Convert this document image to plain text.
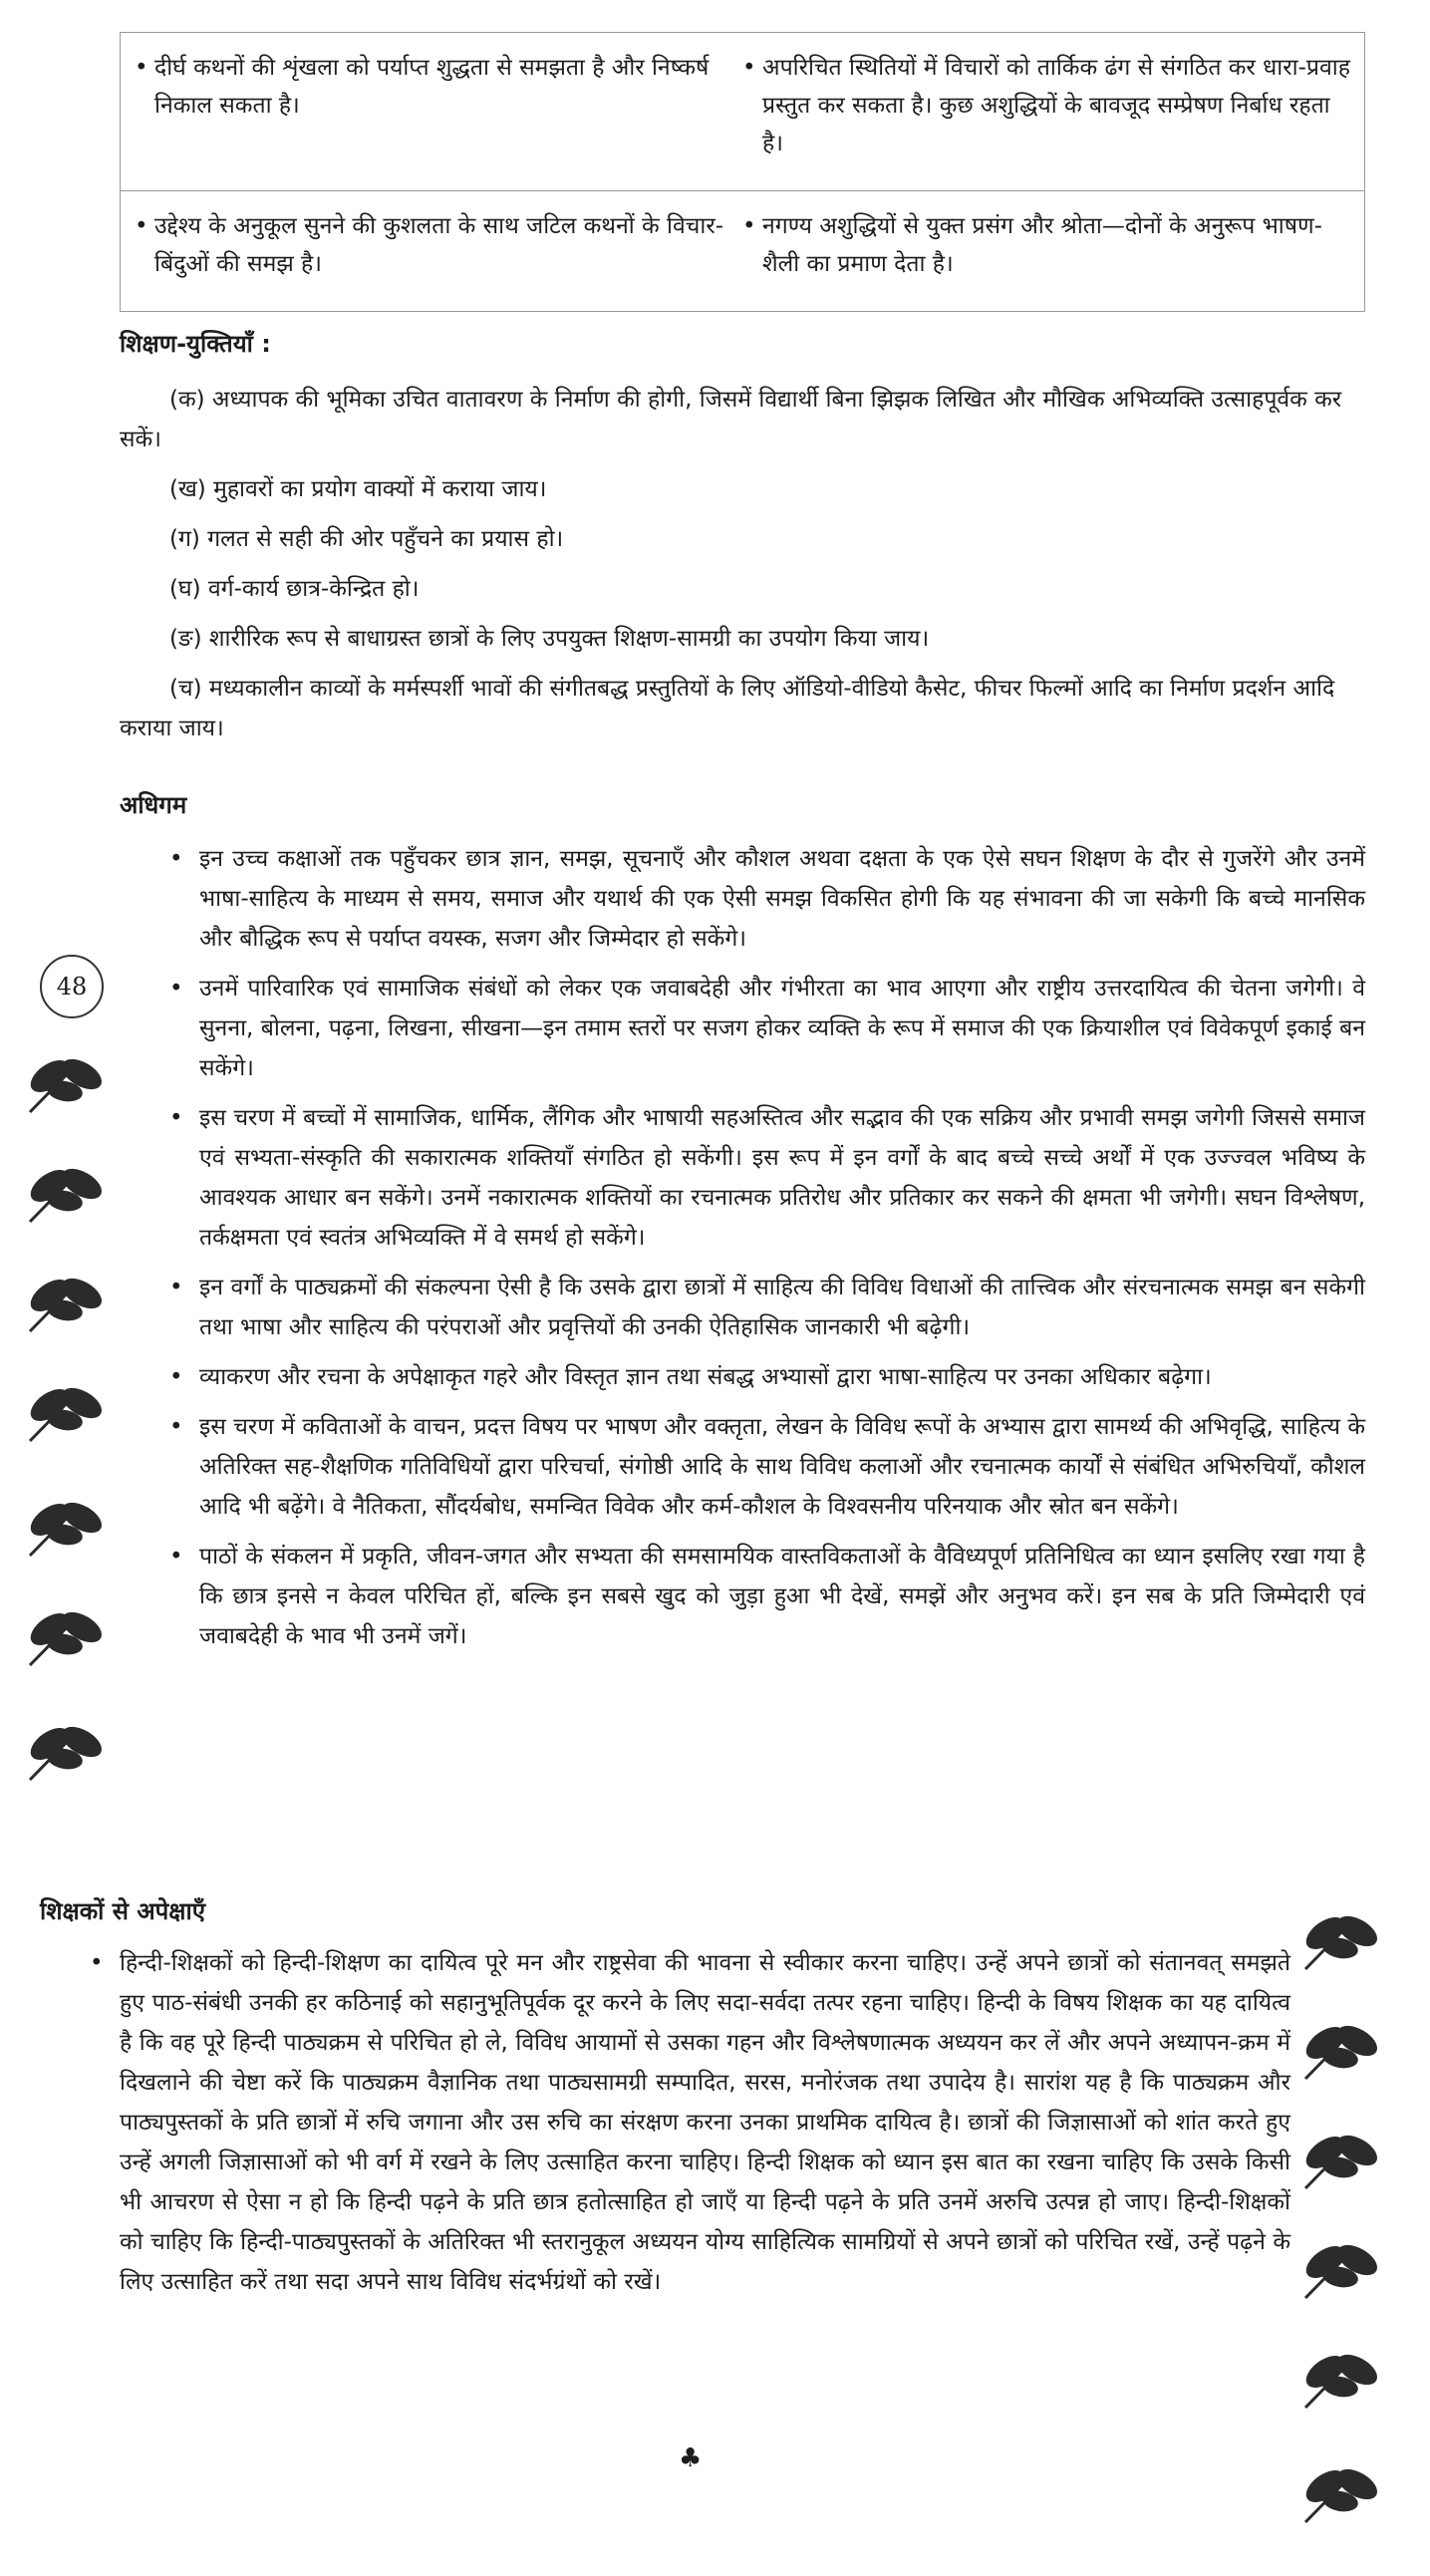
• दीर्घ कथनों की शृंखला को पर्याप्त शुद्धता से समझता है और निष्कर्ष निकाल सकता है।	• अपरिचित स्थितियों में विचारों को तार्किक ढंग से संगठित कर धारा-प्रवाह प्रस्तुत कर सकता है। कुछ अशुद्धियों के बावजूद सम्प्रेषण निर्बाध रहता है।

• उद्देश्य के अनुकूल सुनने की कुशलता के साथ जटिल कथनों के विचार-बिंदुओं की समझ है।	• नगण्य अशुद्धियों से युक्त प्रसंग और श्रोता—दोनों के अनुरूप भाषण-शैली का प्रमाण देता है।
शिक्षण-युक्तियाँ :

(क) अध्यापक की भूमिका उचित वातावरण के निर्माण की होगी, जिसमें विद्यार्थी बिना झिझक लिखित और मौखिक अभिव्यक्ति उत्साहपूर्वक कर सकें।

(ख) मुहावरों का प्रयोग वाक्यों में कराया जाय।

(ग) गलत से सही की ओर पहुँचने का प्रयास हो।

(घ) वर्ग-कार्य छात्र-केन्द्रित हो।

(ङ) शारीरिक रूप से बाधाग्रस्त छात्रों के लिए उपयुक्त शिक्षण-सामग्री का उपयोग किया जाय।

(च) मध्यकालीन काव्यों के मर्मस्पर्शी भावों की संगीतबद्ध प्रस्तुतियों के लिए ऑडियो-वीडियो कैसेट, फीचर फिल्मों आदि का निर्माण प्रदर्शन आदि कराया जाय।

अधिगम
• इन उच्च कक्षाओं तक पहुँचकर छात्र ज्ञान, समझ, सूचनाएँ और कौशल अथवा दक्षता के एक ऐसे सघन शिक्षण के दौर से गुजरेंगे और उनमें भाषा-साहित्य के माध्यम से समय, समाज और यथार्थ की एक ऐसी समझ विकसित होगी कि यह संभावना की जा सकेगी कि बच्चे मानसिक और बौद्धिक रूप से पर्याप्त वयस्क, सजग और जिम्मेदार हो सकेंगे।
• उनमें पारिवारिक एवं सामाजिक संबंधों को लेकर एक जवाबदेही और गंभीरता का भाव आएगा और राष्ट्रीय उत्तरदायित्व की चेतना जगेगी। वे सुनना, बोलना, पढ़ना, लिखना, सीखना—इन तमाम स्तरों पर सजग होकर व्यक्ति के रूप में समाज की एक क्रियाशील एवं विवेकपूर्ण इकाई बन सकेंगे।
• इस चरण में बच्चों में सामाजिक, धार्मिक, लैंगिक और भाषायी सहअस्तित्व और सद्भाव की एक सक्रिय और प्रभावी समझ जगेगी जिससे समाज एवं सभ्यता-संस्कृति की सकारात्मक शक्तियाँ संगठित हो सकेंगी। इस रूप में इन वर्गों के बाद बच्चे सच्चे अर्थों में एक उज्ज्वल भविष्य के आवश्यक आधार बन सकेंगे। उनमें नकारात्मक शक्तियों का रचनात्मक प्रतिरोध और प्रतिकार कर सकने की क्षमता भी जगेगी। सघन विश्लेषण, तर्कक्षमता एवं स्वतंत्र अभिव्यक्ति में वे समर्थ हो सकेंगे।
• इन वर्गों के पाठ्यक्रमों की संकल्पना ऐसी है कि उसके द्वारा छात्रों में साहित्य की विविध विधाओं की तात्त्विक और संरचनात्मक समझ बन सकेगी तथा भाषा और साहित्य की परंपराओं और प्रवृत्तियों की उनकी ऐतिहासिक जानकारी भी बढ़ेगी।
• व्याकरण और रचना के अपेक्षाकृत गहरे और विस्तृत ज्ञान तथा संबद्ध अभ्यासों द्वारा भाषा-साहित्य पर उनका अधिकार बढ़ेगा।
• इस चरण में कविताओं के वाचन, प्रदत्त विषय पर भाषण और वक्तृता, लेखन के विविध रूपों के अभ्यास द्वारा सामर्थ्य की अभिवृद्धि, साहित्य के अतिरिक्त सह-शैक्षणिक गतिविधियों द्वारा परिचर्चा, संगोष्ठी आदि के साथ विविध कलाओं और रचनात्मक कार्यों से संबंधित अभिरुचियाँ, कौशल आदि भी बढ़ेंगे। वे नैतिकता, सौंदर्यबोध, समन्वित विवेक और कर्म-कौशल के विश्वसनीय परिनयाक और स्रोत बन सकेंगे।
• पाठों के संकलन में प्रकृति, जीवन-जगत और सभ्यता की समसामयिक वास्तविकताओं के वैविध्यपूर्ण प्रतिनिधित्व का ध्यान इसलिए रखा गया है कि छात्र इनसे न केवल परिचित हों, बल्कि इन सबसे खुद को जुड़ा हुआ भी देखें, समझें और अनुभव करें। इन सब के प्रति जिम्मेदारी एवं जवाबदेही के भाव भी उनमें जगें।
शिक्षकों से अपेक्षाएँ
• हिन्दी-शिक्षकों को हिन्दी-शिक्षण का दायित्व पूरे मन और राष्ट्रसेवा की भावना से स्वीकार करना चाहिए। उन्हें अपने छात्रों को संतानवत् समझते हुए पाठ-संबंधी उनकी हर कठिनाई को सहानुभूतिपूर्वक दूर करने के लिए सदा-सर्वदा तत्पर रहना चाहिए। हिन्दी के विषय शिक्षक का यह दायित्व है कि वह पूरे हिन्दी पाठ्यक्रम से परिचित हो ले, विविध आयामों से उसका गहन और विश्लेषणात्मक अध्ययन कर लें और अपने अध्यापन-क्रम में दिखलाने की चेष्टा करें कि पाठ्यक्रम वैज्ञानिक तथा पाठ्यसामग्री सम्पादित, सरस, मनोरंजक तथा उपादेय है। सारांश यह है कि पाठ्यक्रम और पाठ्यपुस्तकों के प्रति छात्रों में रुचि जगाना और उस रुचि का संरक्षण करना उनका प्राथमिक दायित्व है। छात्रों की जिज्ञासाओं को शांत करते हुए उन्हें अगली जिज्ञासाओं को भी वर्ग में रखने के लिए उत्साहित करना चाहिए। हिन्दी शिक्षक को ध्यान इस बात का रखना चाहिए कि उसके किसी भी आचरण से ऐसा न हो कि हिन्दी पढ़ने के प्रति छात्र हतोत्साहित हो जाएँ या हिन्दी पढ़ने के प्रति उनमें अरुचि उत्पन्न हो जाए। हिन्दी-शिक्षकों को चाहिए कि हिन्दी-पाठ्यपुस्तकों के अतिरिक्त भी स्तरानुकूल अध्ययन योग्य साहित्यिक सामग्रियों से अपने छात्रों को परिचित रखें, उन्हें पढ़ने के लिए उत्साहित करें तथा सदा अपने साथ विविध संदर्भग्रंथों को रखें।
48
♣
